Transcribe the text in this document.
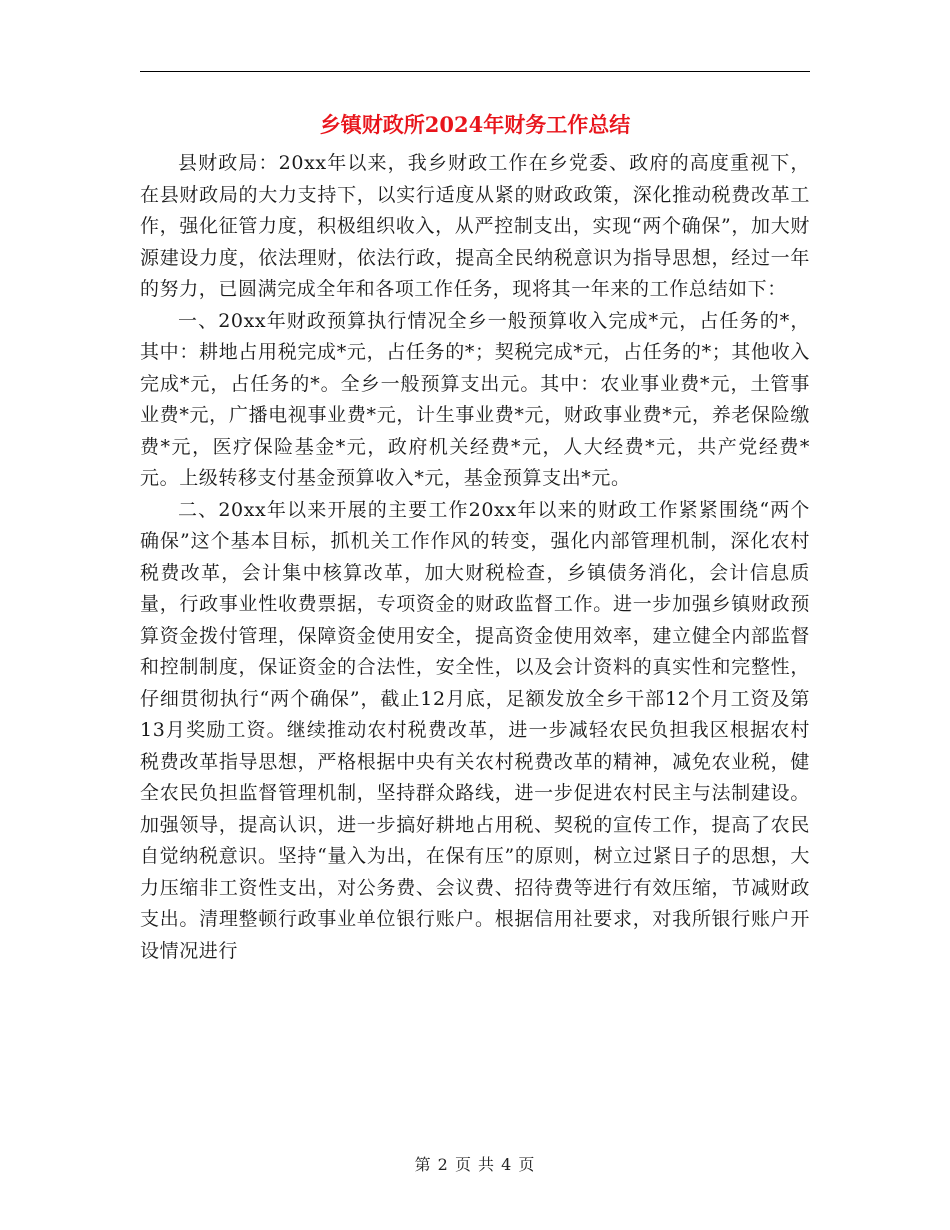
乡镇财政所2024年财务工作总结

县财政局：20xx年以来，我乡财政工作在乡党委、政府的高度重视下，在县财政局的大力支持下，以实行适度从紧的财政政策，深化推动税费改革工作，强化征管力度，积极组织收入，从严控制支出，实现“两个确保”，加大财源建设力度，依法理财，依法行政，提高全民纳税意识为指导思想，经过一年的努力，已圆满完成全年和各项工作任务，现将其一年来的工作总结如下：

一、20xx年财政预算执行情况全乡一般预算收入完成*元，占任务的*，其中：耕地占用税完成*元，占任务的*；契税完成*元，占任务的*；其他收入完成*元，占任务的*。全乡一般预算支出元。其中：农业事业费*元，土管事业费*元，广播电视事业费*元，计生事业费*元，财政事业费*元，养老保险缴费*元，医疗保险基金*元，政府机关经费*元，人大经费*元，共产党经费*元。上级转移支付基金预算收入*元，基金预算支出*元。

二、20xx年以来开展的主要工作20xx年以来的财政工作紧紧围绕“两个确保”这个基本目标，抓机关工作作风的转变，强化内部管理机制，深化农村税费改革，会计集中核算改革，加大财税检查，乡镇债务消化，会计信息质量，行政事业性收费票据，专项资金的财政监督工作。进一步加强乡镇财政预算资金拨付管理，保障资金使用安全，提高资金使用效率，建立健全内部监督和控制制度，保证资金的合法性，安全性，以及会计资料的真实性和完整性，仔细贯彻执行“两个确保”，截止12月底，足额发放全乡干部12个月工资及第13月奖励工资。继续推动农村税费改革，进一步减轻农民负担我区根据农村税费改革指导思想，严格根据中央有关农村税费改革的精神，减免农业税，健全农民负担监督管理机制，坚持群众路线，进一步促进农村民主与法制建设。加强领导，提高认识，进一步搞好耕地占用税、契税的宣传工作，提高了农民自觉纳税意识。坚持“量入为出，在保有压”的原则，树立过紧日子的思想，大力压缩非工资性支出，对公务费、会议费、招待费等进行有效压缩，节减财政支出。清理整顿行政事业单位银行账户。根据信用社要求，对我所银行账户开设情况进行

第 2 页 共 4 页
